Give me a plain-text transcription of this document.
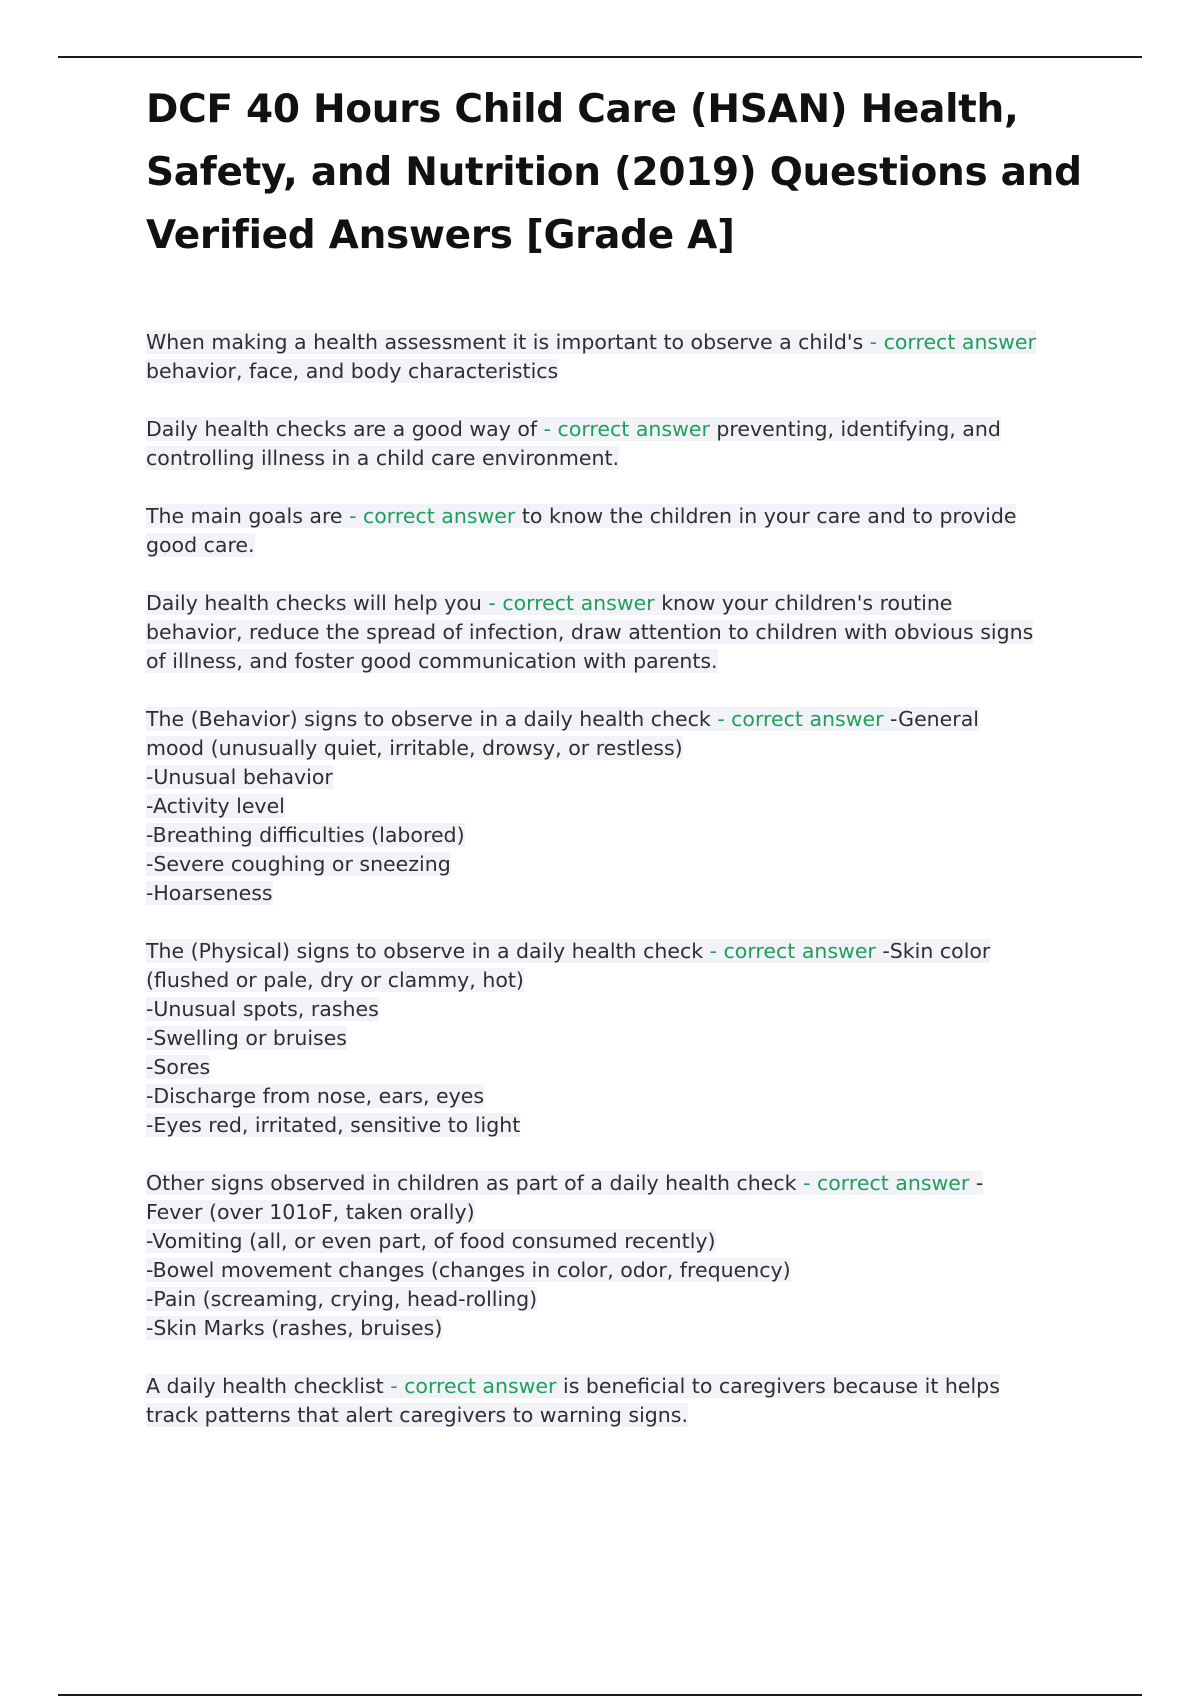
DCF 40 Hours Child Care (HSAN) Health,
Safety, and Nutrition (2019) Questions and
Verified Answers [Grade A]

When making a health assessment it is important to observe a child's - correct answer
behavior, face, and body characteristics

Daily health checks are a good way of - correct answer preventing, identifying, and
controlling illness in a child care environment.

The main goals are - correct answer to know the children in your care and to provide
good care.

Daily health checks will help you - correct answer know your children's routine
behavior, reduce the spread of infection, draw attention to children with obvious signs
of illness, and foster good communication with parents.

The (Behavior) signs to observe in a daily health check - correct answer -General
mood (unusually quiet, irritable, drowsy, or restless)
-Unusual behavior
-Activity level
-Breathing difficulties (labored)
-Severe coughing or sneezing
-Hoarseness

The (Physical) signs to observe in a daily health check - correct answer -Skin color
(flushed or pale, dry or clammy, hot)
-Unusual spots, rashes
-Swelling or bruises
-Sores
-Discharge from nose, ears, eyes
-Eyes red, irritated, sensitive to light

Other signs observed in children as part of a daily health check - correct answer -
Fever (over 101oF, taken orally)
-Vomiting (all, or even part, of food consumed recently)
-Bowel movement changes (changes in color, odor, frequency)
-Pain (screaming, crying, head-rolling)
-Skin Marks (rashes, bruises)

A daily health checklist - correct answer is beneficial to caregivers because it helps
track patterns that alert caregivers to warning signs.
